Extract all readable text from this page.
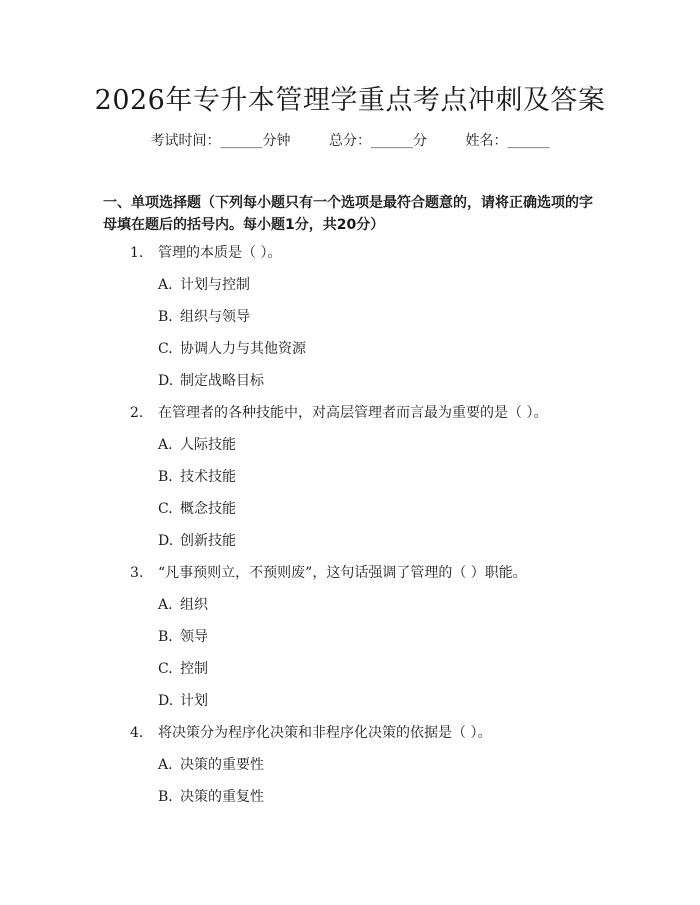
2026年专升本管理学重点考点冲刺及答案
考试时间：______分钟	总分：______分	姓名：______
一、单项选择题（下列每小题只有一个选项是最符合题意的，请将正确选项的字母填在题后的括号内。每小题1分，共20分）
1. 管理的本质是（ ）。
A. 计划与控制
B. 组织与领导
C. 协调人力与其他资源
D. 制定战略目标
2. 在管理者的各种技能中，对高层管理者而言最为重要的是（ ）。
A. 人际技能
B. 技术技能
C. 概念技能
D. 创新技能
3. “凡事预则立，不预则废”，这句话强调了管理的（ ）职能。
A. 组织
B. 领导
C. 控制
D. 计划
4. 将决策分为程序化决策和非程序化决策的依据是（ ）。
A. 决策的重要性
B. 决策的重复性
